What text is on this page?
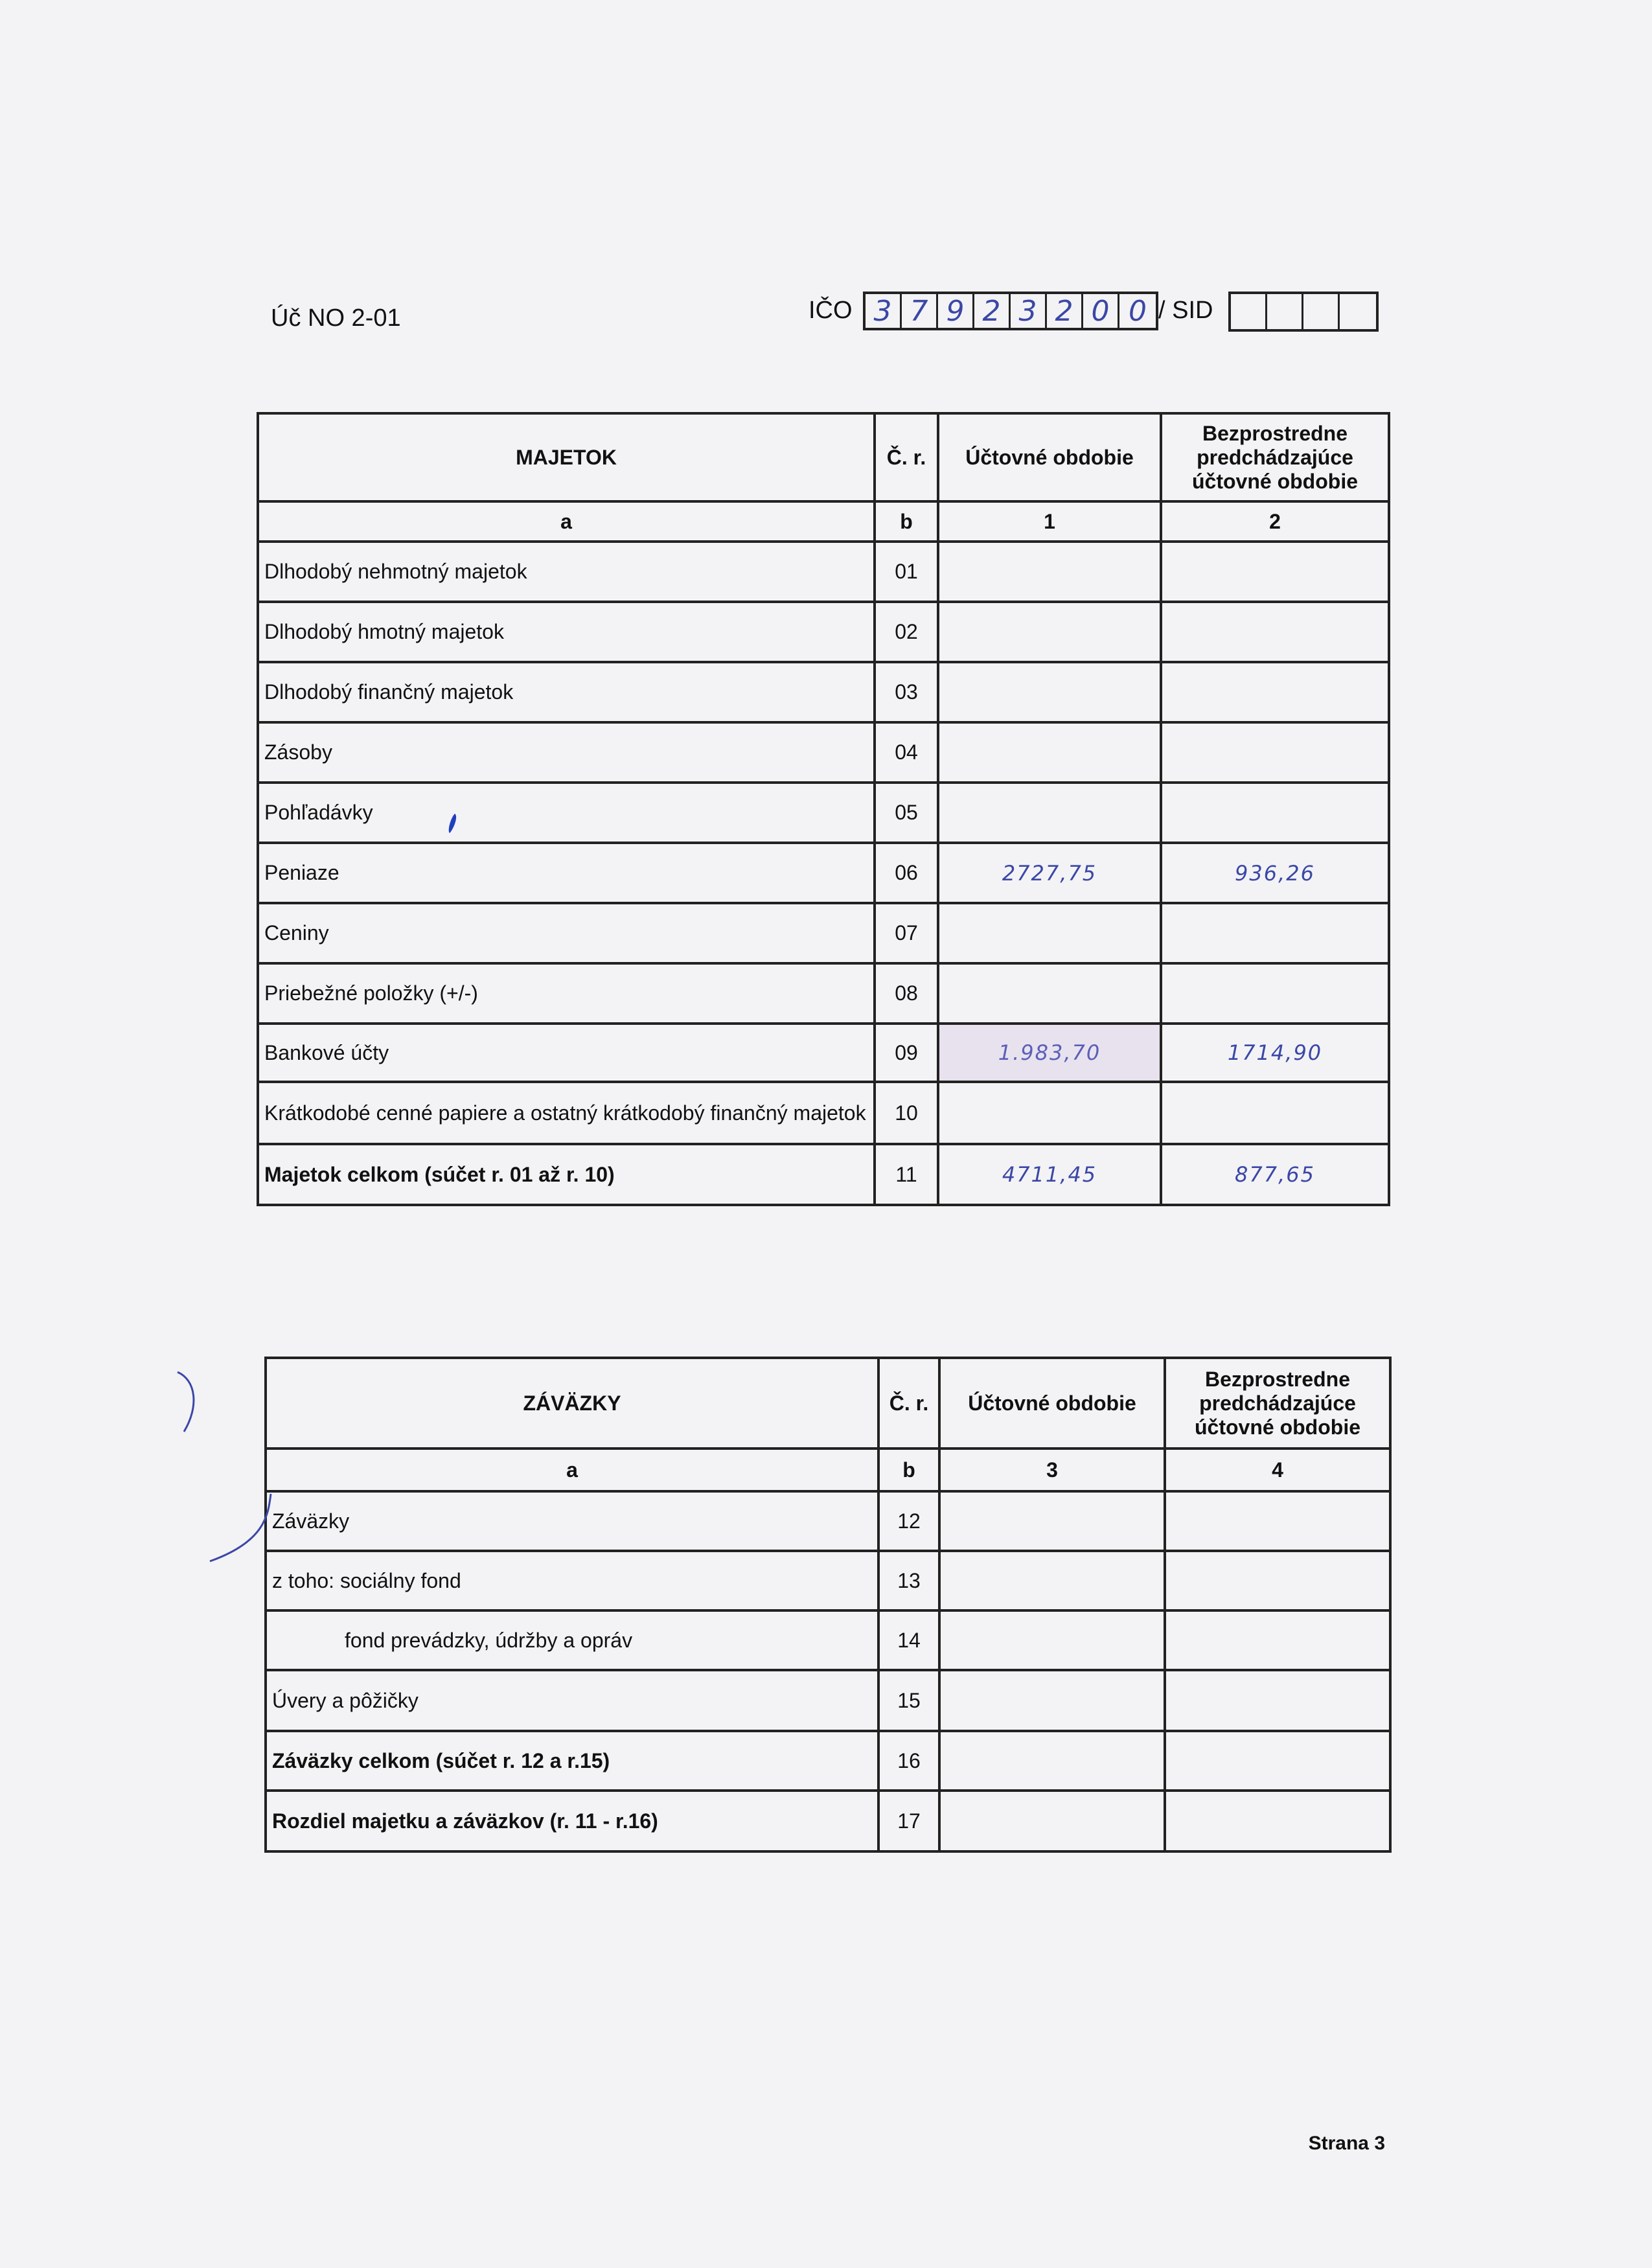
Úč NO 2-01	IČO 3 7 9 2 3 2 0 0 / SID
MAJETOK	Č. r.	Účtovné obdobie	Bezprostredne predchádzajúce účtovné obdobie
a	b	1	2
Dlhodobý nehmotný majetok	01		
Dlhodobý hmotný majetok	02		
Dlhodobý finančný majetok	03		
Zásoby	04		
Pohľadávky	05		
Peniaze	06	2727,75	936,26
Ceniny	07		
Priebežné položky (+/-)	08		
Bankové účty	09	1.983,70	1714,90
Krátkodobé cenné papiere a ostatný krátkodobý finančný majetok	10		
Majetok celkom (súčet r. 01 až r. 10)	11	4711,45	877,65
ZÁVÄZKY	Č. r.	Účtovné obdobie	Bezprostredne predchádzajúce účtovné obdobie
a	b	3	4
Záväzky	12		
z toho: sociálny fond	13		
fond prevádzky, údržby a opráv	14		
Úvery a pôžičky	15		
Záväzky celkom (súčet r. 12 a r.15)	16		
Rozdiel majetku a záväzkov (r. 11 - r.16)	17		
Strana 3
